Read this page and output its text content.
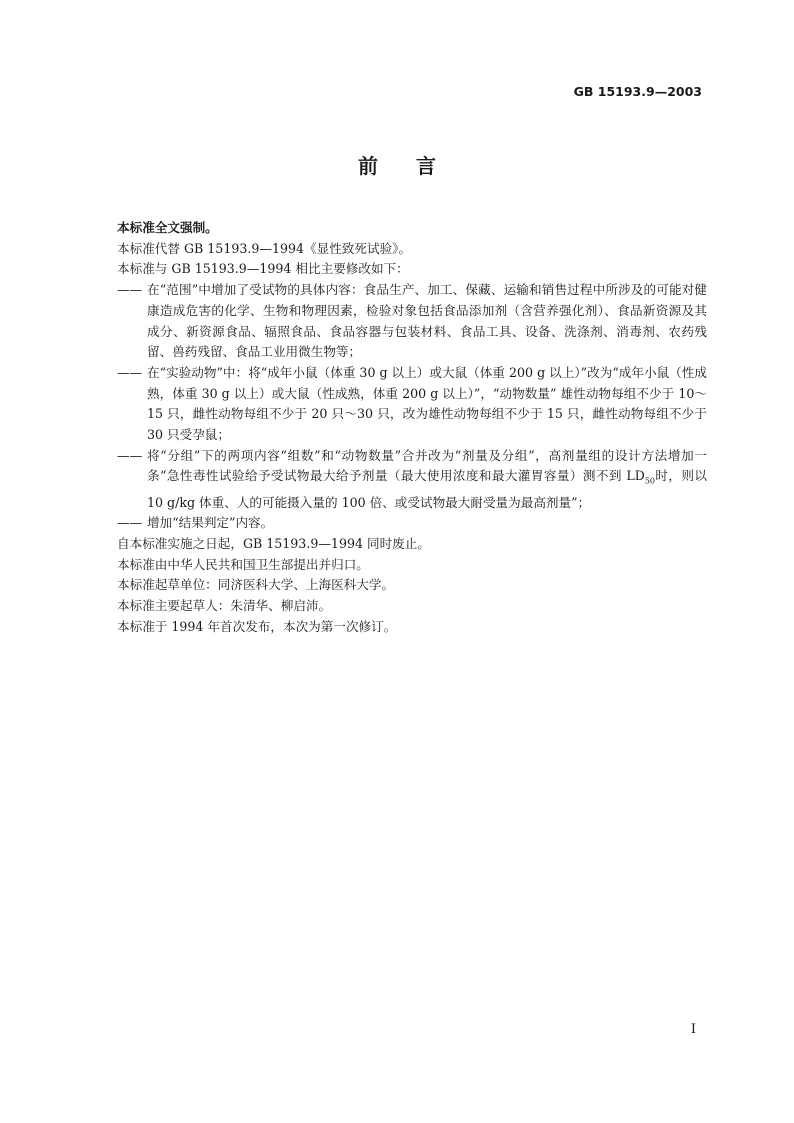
GB 15193.9—2003
前 言

本标准全文强制。

本标准代替 GB 15193.9—1994《显性致死试验》。

本标准与 GB 15193.9—1994 相比主要修改如下：

—— 在“范围”中增加了受试物的具体内容：食品生产、加工、保藏、运输和销售过程中所涉及的可能对健康造成危害的化学、生物和物理因素，检验对象包括食品添加剂（含营养强化剂）、食品新资源及其成分、新资源食品、辐照食品、食品容器与包装材料、食品工具、设备、洗涤剂、消毒剂、农药残留、兽药残留、食品工业用微生物等；
—— 在“实验动物”中：将“成年小鼠（体重 30 g 以上）或大鼠（体重 200 g 以上）”改为“成年小鼠（性成熟，体重 30 g 以上）或大鼠（性成熟，体重 200 g 以上）”，“动物数量” 雄性动物每组不少于 10～15 只，雌性动物每组不少于 20 只～30 只，改为雄性动物每组不少于 15 只，雌性动物每组不少于 30 只受孕鼠；
—— 将“分组”下的两项内容“组数”和“动物数量”合并改为“剂量及分组”，高剂量组的设计方法增加一条“急性毒性试验给予受试物最大给予剂量（最大使用浓度和最大灌胃容量）测不到 $LD_{50}$时，则以 10 g/kg 体重、人的可能摄入量的 100 倍、或受试物最大耐受量为最高剂量”；
—— 增加“结果判定”内容。

自本标准实施之日起，GB 15193.9—1994 同时废止。

本标准由中华人民共和国卫生部提出并归口。

本标准起草单位：同济医科大学、上海医科大学。

本标准主要起草人：朱清华、柳启沛。

本标准于 1994 年首次发布，本次为第一次修订。

I
